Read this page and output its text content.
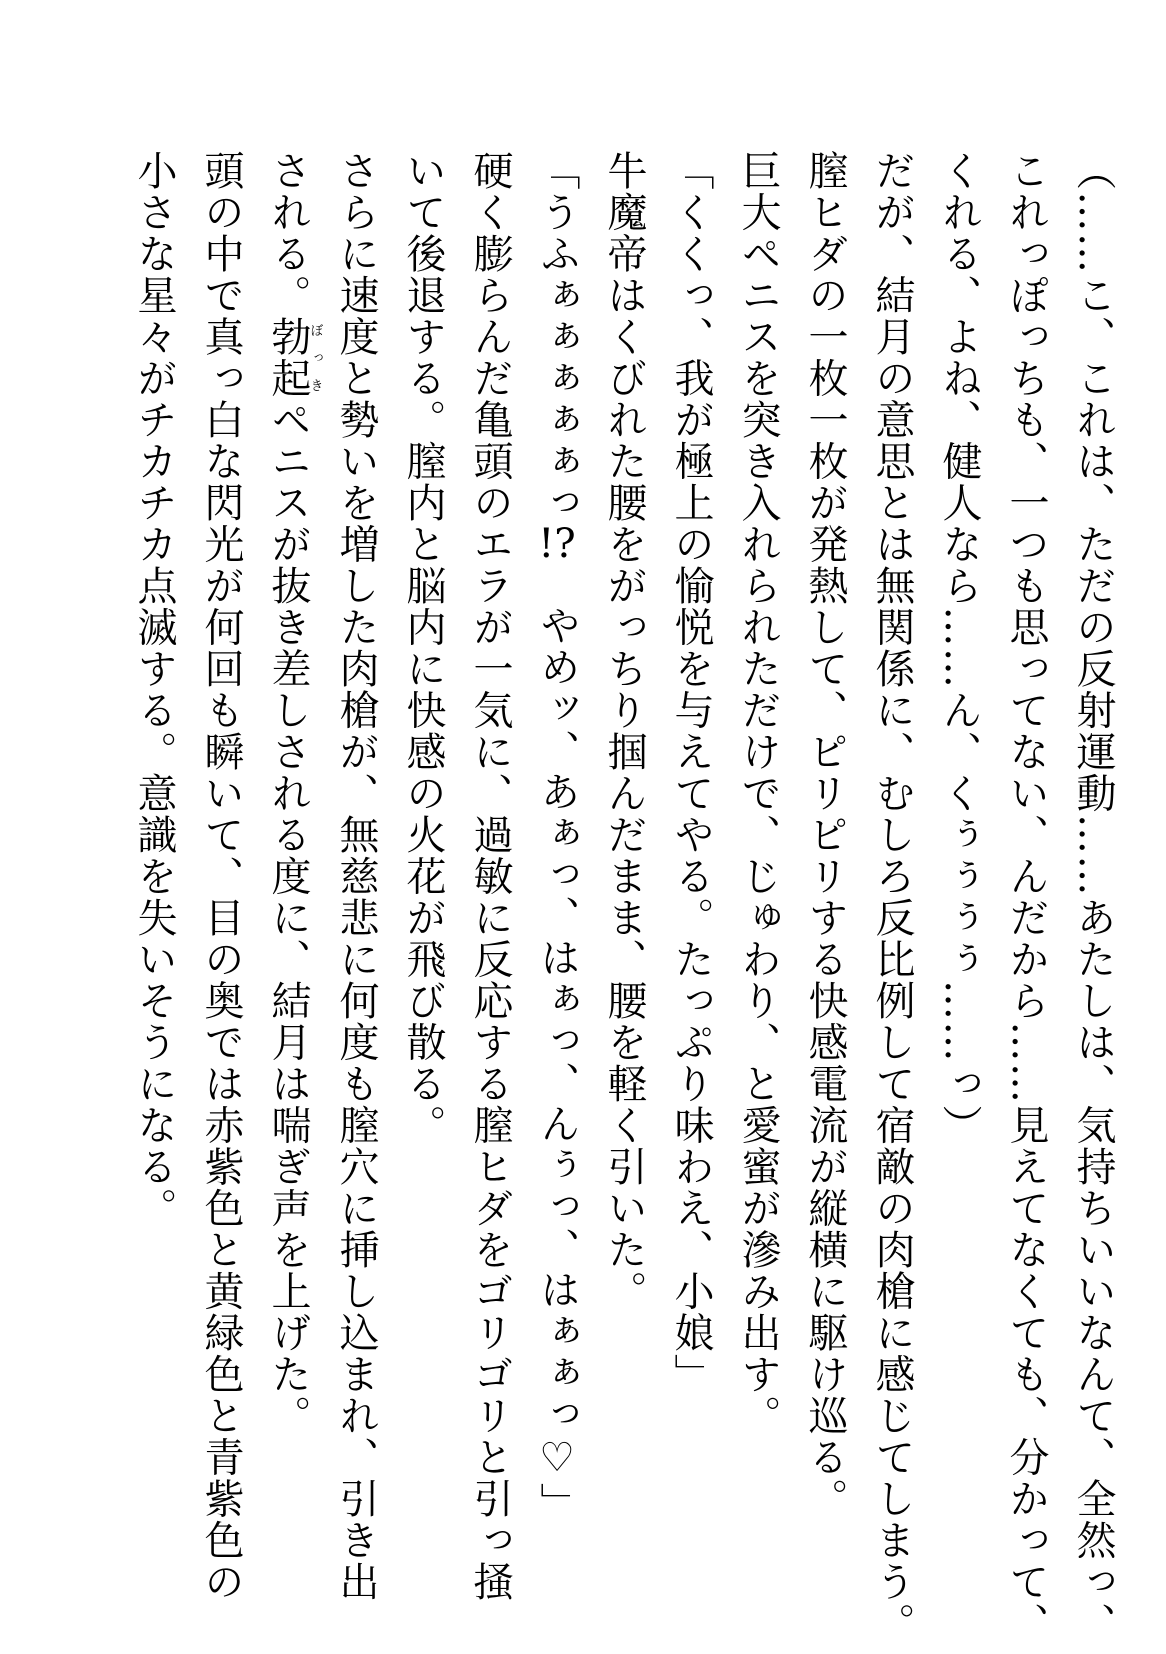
（……こ、これは、ただの反射運動……あたしは、気持ちいいなんて、全然っ、
これっぽっちも、一つも思ってない、んだから……見えてなくても、分かって、
くれる、よね、健人なら……ん、くぅぅぅぅ……っ）
だが、結月の意思とは無関係に、むしろ反比例して宿敵の肉槍に感じてしまう。
膣ヒダの一枚一枚が発熱して、ピリピリする快感電流が縦横に駆け巡る。
巨大ペニスを突き入れられただけで、じゅわり、と愛蜜が滲み出す。
「くくっ、我が極上の愉悦を与えてやる。たっぷり味わえ、小娘」
牛魔帝はくびれた腰をがっちり掴んだまま、腰を軽く引いた。
「うふぁぁぁぁぁっ!?　やめッ、あぁっ、はぁっ、んぅっ、はぁぁっ♡」
硬く膨らんだ亀頭のエラが一気に、過敏に反応する膣ヒダをゴリゴリと引っ掻
いて後退する。膣内と脳内に快感の火花が飛び散る。
さらに速度と勢いを増した肉槍が、無慈悲に何度も膣穴に挿し込まれ、引き出
される。勃起ぼっきペニスが抜き差しされる度に、結月は喘ぎ声を上げた。
頭の中で真っ白な閃光が何回も瞬いて、目の奥では赤紫色と黄緑色と青紫色の
小さな星々がチカチカ点滅する。意識を失いそうになる。
